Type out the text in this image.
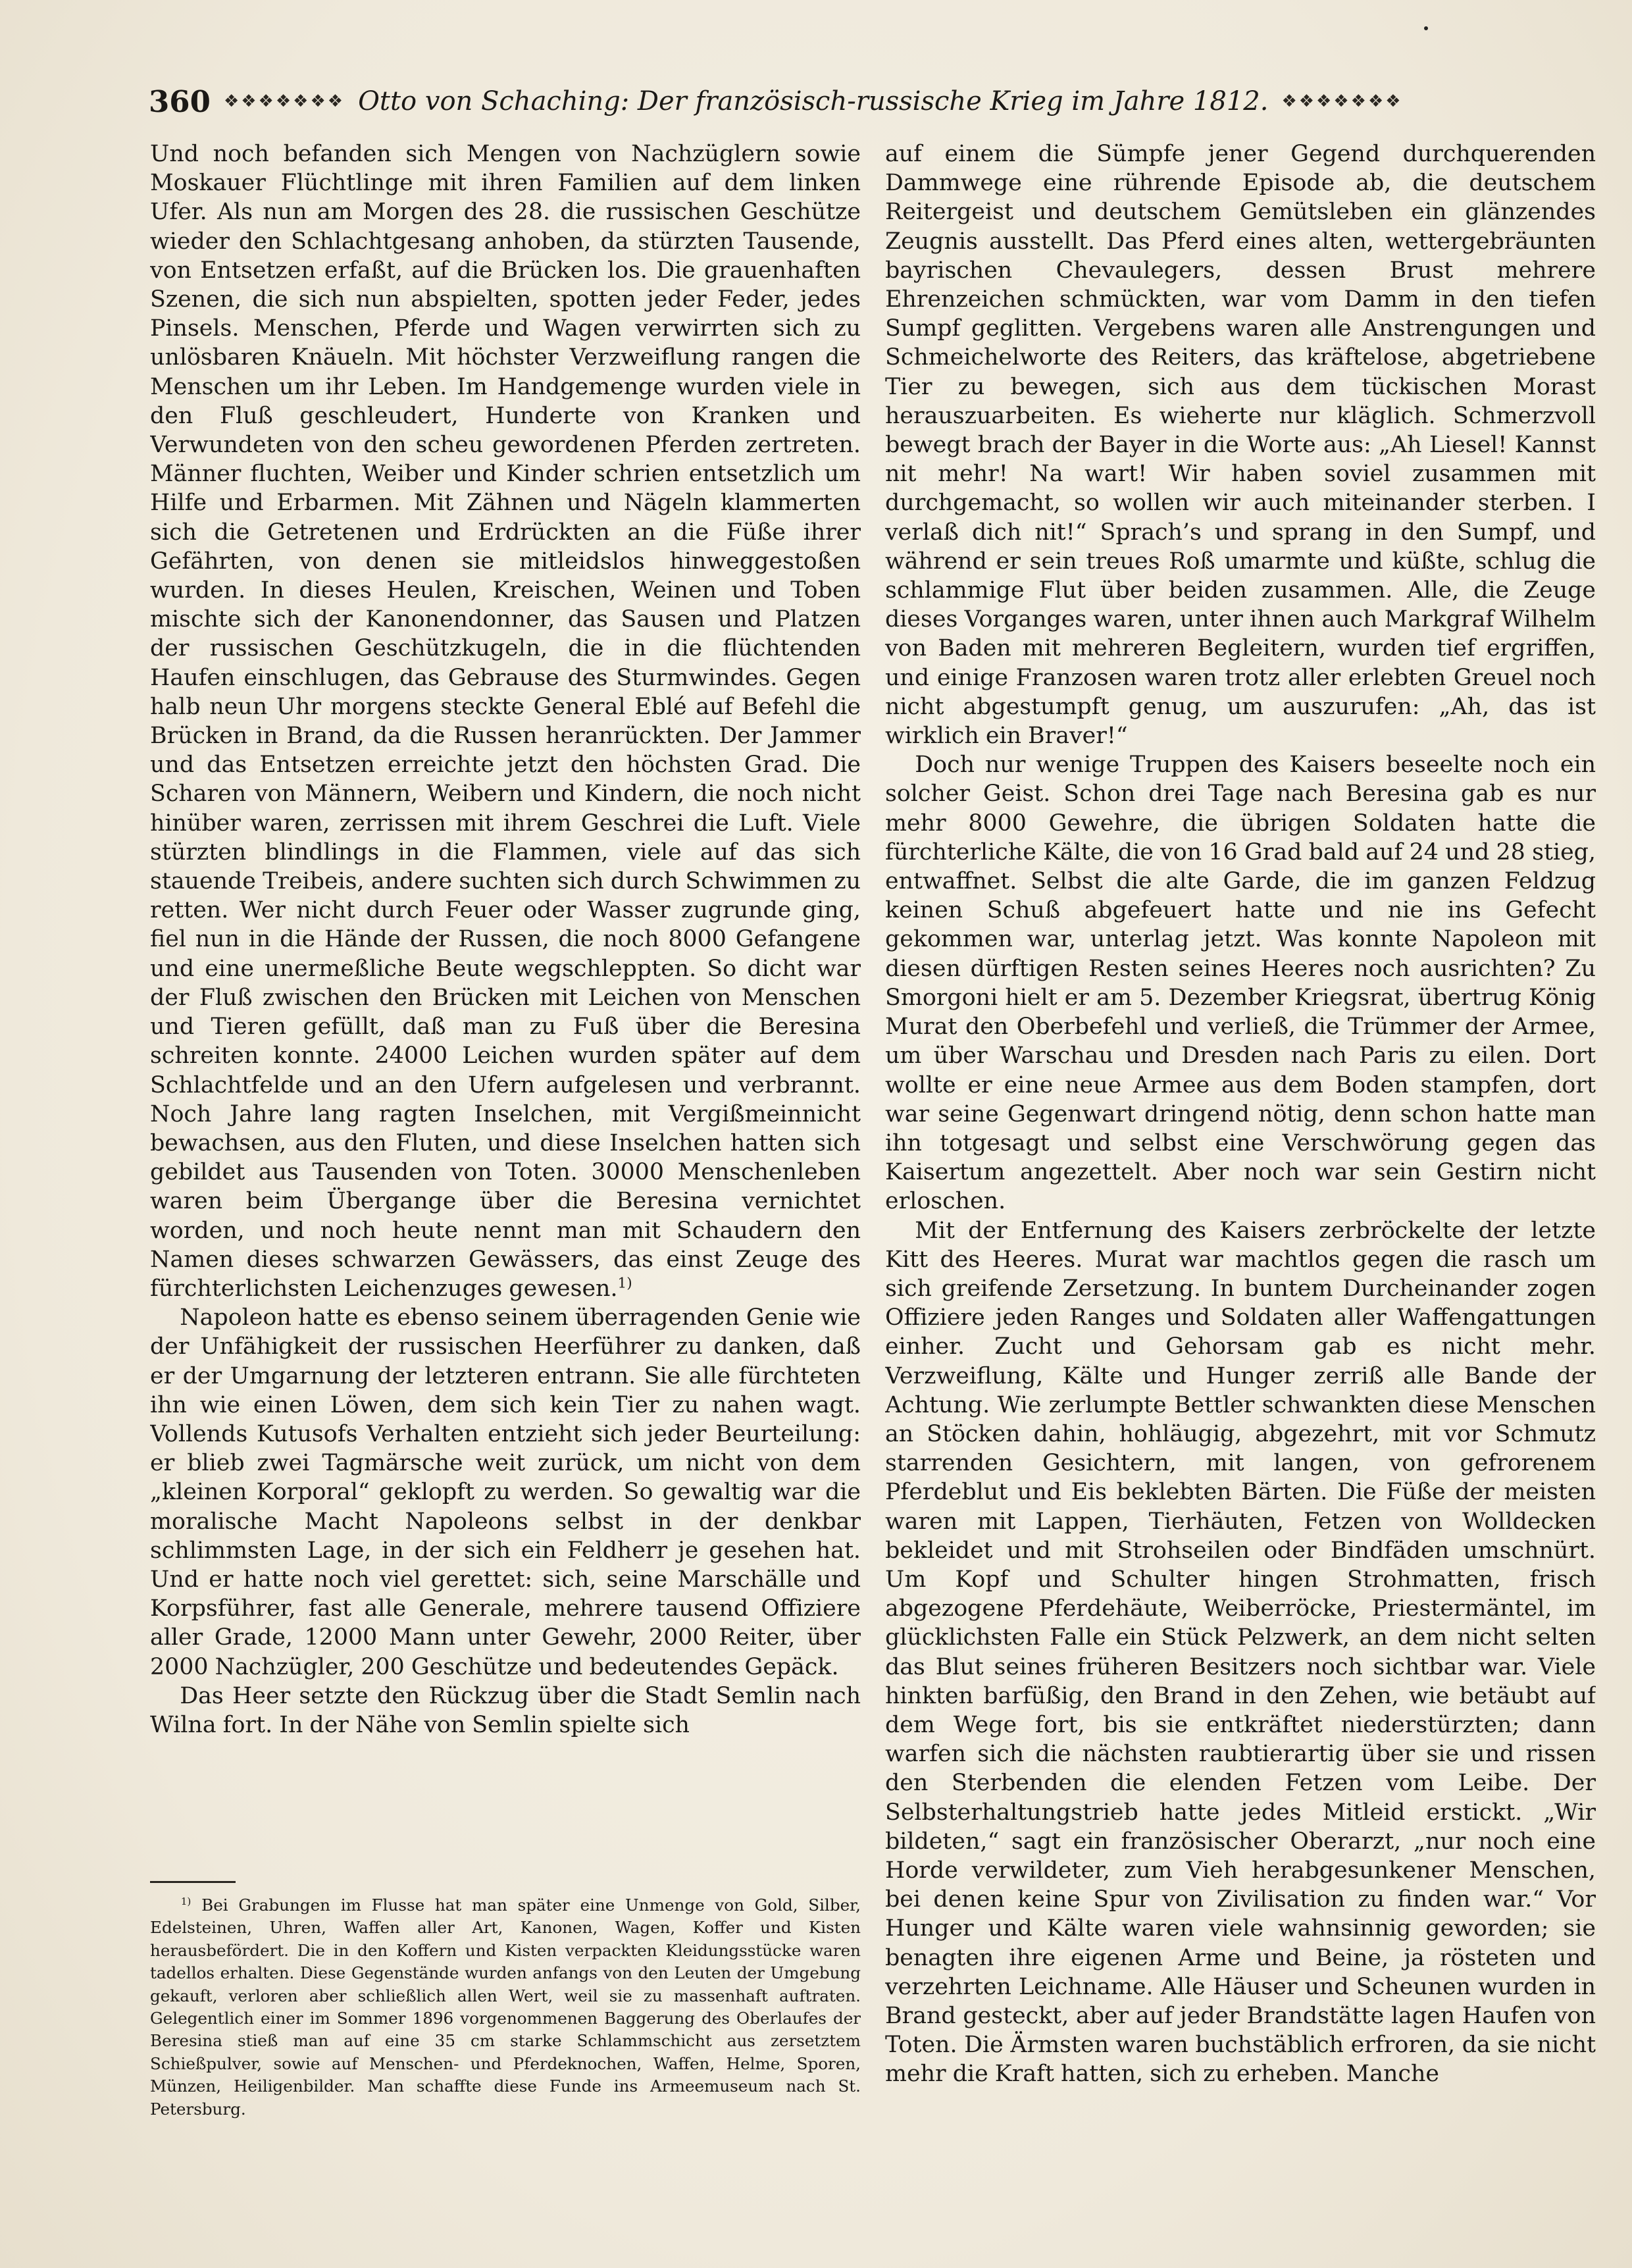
360 ❖❖❖❖❖❖❖ Otto von Schaching: Der französisch-russische Krieg im Jahre 1812. ❖❖❖❖❖❖❖

Und noch befanden sich Mengen von Nachzüglern sowie Moskauer Flüchtlinge mit ihren Familien auf dem linken Ufer. Als nun am Morgen des 28. die russischen Geschütze wieder den Schlachtgesang anhoben, da stürzten Tausende, von Entsetzen erfaßt, auf die Brücken los. Die grauenhaften Szenen, die sich nun abspielten, spotten jeder Feder, jedes Pinsels. Menschen, Pferde und Wagen verwirrten sich zu unlösbaren Knäueln. Mit höchster Verzweiflung rangen die Menschen um ihr Leben. Im Handgemenge wurden viele in den Fluß geschleudert, Hunderte von Kranken und Verwundeten von den scheu gewordenen Pferden zertreten. Männer fluchten, Weiber und Kinder schrien entsetzlich um Hilfe und Erbarmen. Mit Zähnen und Nägeln klammerten sich die Getretenen und Erdrückten an die Füße ihrer Gefährten, von denen sie mitleidslos hinweggestoßen wurden. In dieses Heulen, Kreischen, Weinen und Toben mischte sich der Kanonendonner, das Sausen und Platzen der russischen Geschützkugeln, die in die flüchtenden Haufen einschlugen, das Gebrause des Sturmwindes. Gegen halb neun Uhr morgens steckte General Eblé auf Befehl die Brücken in Brand, da die Russen heranrückten. Der Jammer und das Entsetzen erreichte jetzt den höchsten Grad. Die Scharen von Männern, Weibern und Kindern, die noch nicht hinüber waren, zerrissen mit ihrem Geschrei die Luft. Viele stürzten blindlings in die Flammen, viele auf das sich stauende Treibeis, andere suchten sich durch Schwimmen zu retten. Wer nicht durch Feuer oder Wasser zugrunde ging, fiel nun in die Hände der Russen, die noch 8000 Gefangene und eine unermeßliche Beute wegschleppten. So dicht war der Fluß zwischen den Brücken mit Leichen von Menschen und Tieren gefüllt, daß man zu Fuß über die Beresina schreiten konnte. 24000 Leichen wurden später auf dem Schlachtfelde und an den Ufern aufgelesen und verbrannt. Noch Jahre lang ragten Inselchen, mit Vergißmeinnicht bewachsen, aus den Fluten, und diese Inselchen hatten sich gebildet aus Tausenden von Toten. 30000 Menschenleben waren beim Übergange über die Beresina vernichtet worden, und noch heute nennt man mit Schaudern den Namen dieses schwarzen Gewässers, das einst Zeuge des fürchterlichsten Leichenzuges gewesen.$^{1)}$

Napoleon hatte es ebenso seinem überragenden Genie wie der Unfähigkeit der russischen Heerführer zu danken, daß er der Umgarnung der letzteren entrann. Sie alle fürchteten ihn wie einen Löwen, dem sich kein Tier zu nahen wagt. Vollends Kutusofs Verhalten entzieht sich jeder Beurteilung: er blieb zwei Tagmärsche weit zurück, um nicht von dem „kleinen Korporal“ geklopft zu werden. So gewaltig war die moralische Macht Napoleons selbst in der denkbar schlimmsten Lage, in der sich ein Feldherr je gesehen hat. Und er hatte noch viel gerettet: sich, seine Marschälle und Korpsführer, fast alle Generale, mehrere tausend Offiziere aller Grade, 12000 Mann unter Gewehr, 2000 Reiter, über 2000 Nachzügler, 200 Geschütze und bedeutendes Gepäck.

Das Heer setzte den Rückzug über die Stadt Semlin nach Wilna fort. In der Nähe von Semlin spielte sich

$^{1)}$ Bei Grabungen im Flusse hat man später eine Unmenge von Gold, Silber, Edelsteinen, Uhren, Waffen aller Art, Kanonen, Wagen, Koffer und Kisten herausbefördert. Die in den Koffern und Kisten verpackten Kleidungsstücke waren tadellos erhalten. Diese Gegenstände wurden anfangs von den Leuten der Umgebung gekauft, verloren aber schließlich allen Wert, weil sie zu massenhaft auftraten. Gelegentlich einer im Sommer 1896 vorgenommenen Baggerung des Oberlaufes der Beresina stieß man auf eine 35 cm starke Schlammschicht aus zersetztem Schießpulver, sowie auf Menschen- und Pferdeknochen, Waffen, Helme, Sporen, Münzen, Heiligenbilder. Man schaffte diese Funde ins Armeemuseum nach St. Petersburg.

auf einem die Sümpfe jener Gegend durchquerenden Dammwege eine rührende Episode ab, die deutschem Reitergeist und deutschem Gemütsleben ein glänzendes Zeugnis ausstellt. Das Pferd eines alten, wettergebräunten bayrischen Chevaulegers, dessen Brust mehrere Ehrenzeichen schmückten, war vom Damm in den tiefen Sumpf geglitten. Vergebens waren alle Anstrengungen und Schmeichelworte des Reiters, das kräftelose, abgetriebene Tier zu bewegen, sich aus dem tückischen Morast herauszuarbeiten. Es wieherte nur kläglich. Schmerzvoll bewegt brach der Bayer in die Worte aus: „Ah Liesel! Kannst nit mehr! Na wart! Wir haben soviel zusammen mit durchgemacht, so wollen wir auch miteinander sterben. I verlaß dich nit!“ Sprach’s und sprang in den Sumpf, und während er sein treues Roß umarmte und küßte, schlug die schlammige Flut über beiden zusammen. Alle, die Zeuge dieses Vorganges waren, unter ihnen auch Markgraf Wilhelm von Baden mit mehreren Begleitern, wurden tief ergriffen, und einige Franzosen waren trotz aller erlebten Greuel noch nicht abgestumpft genug, um auszurufen: „Ah, das ist wirklich ein Braver!“

Doch nur wenige Truppen des Kaisers beseelte noch ein solcher Geist. Schon drei Tage nach Beresina gab es nur mehr 8000 Gewehre, die übrigen Soldaten hatte die fürchterliche Kälte, die von 16 Grad bald auf 24 und 28 stieg, entwaffnet. Selbst die alte Garde, die im ganzen Feldzug keinen Schuß abgefeuert hatte und nie ins Gefecht gekommen war, unterlag jetzt. Was konnte Napoleon mit diesen dürftigen Resten seines Heeres noch ausrichten? Zu Smorgoni hielt er am 5. Dezember Kriegsrat, übertrug König Murat den Oberbefehl und verließ, die Trümmer der Armee, um über Warschau und Dresden nach Paris zu eilen. Dort wollte er eine neue Armee aus dem Boden stampfen, dort war seine Gegenwart dringend nötig, denn schon hatte man ihn totgesagt und selbst eine Verschwörung gegen das Kaisertum angezettelt. Aber noch war sein Gestirn nicht erloschen.

Mit der Entfernung des Kaisers zerbröckelte der letzte Kitt des Heeres. Murat war machtlos gegen die rasch um sich greifende Zersetzung. In buntem Durcheinander zogen Offiziere jeden Ranges und Soldaten aller Waffengattungen einher. Zucht und Gehorsam gab es nicht mehr. Verzweiflung, Kälte und Hunger zerriß alle Bande der Achtung. Wie zerlumpte Bettler schwankten diese Menschen an Stöcken dahin, hohläugig, abgezehrt, mit vor Schmutz starrenden Gesichtern, mit langen, von gefrorenem Pferdeblut und Eis beklebten Bärten. Die Füße der meisten waren mit Lappen, Tierhäuten, Fetzen von Wolldecken bekleidet und mit Strohseilen oder Bindfäden umschnürt. Um Kopf und Schulter hingen Strohmatten, frisch abgezogene Pferdehäute, Weiberröcke, Priestermäntel, im glücklichsten Falle ein Stück Pelzwerk, an dem nicht selten das Blut seines früheren Besitzers noch sichtbar war. Viele hinkten barfüßig, den Brand in den Zehen, wie betäubt auf dem Wege fort, bis sie entkräftet niederstürzten; dann warfen sich die nächsten raubtierartig über sie und rissen den Sterbenden die elenden Fetzen vom Leibe. Der Selbsterhaltungstrieb hatte jedes Mitleid erstickt. „Wir bildeten,“ sagt ein französischer Oberarzt, „nur noch eine Horde verwildeter, zum Vieh herabgesunkener Menschen, bei denen keine Spur von Zivilisation zu finden war.“ Vor Hunger und Kälte waren viele wahnsinnig geworden; sie benagten ihre eigenen Arme und Beine, ja rösteten und verzehrten Leichname. Alle Häuser und Scheunen wurden in Brand gesteckt, aber auf jeder Brandstätte lagen Haufen von Toten. Die Ärmsten waren buchstäblich erfroren, da sie nicht mehr die Kraft hatten, sich zu erheben. Manche
